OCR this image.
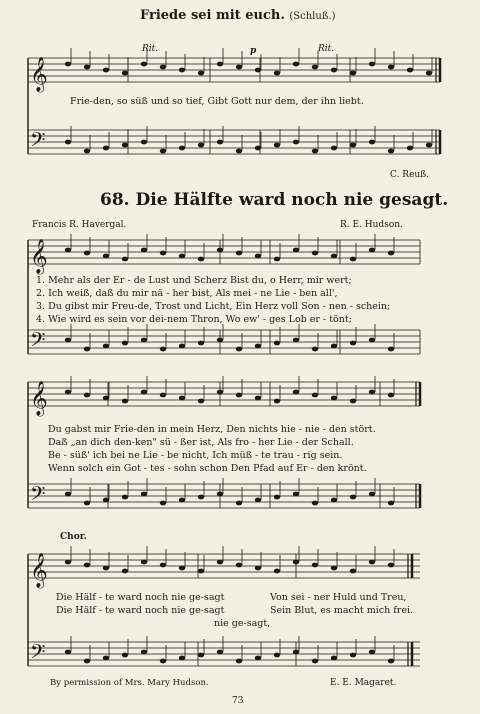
Friede sei mit euch. (Schluß.)
Rit.	p	Rit.
𝄞
𝄢
𝄞
𝄢
𝄞
𝄢
𝄞
𝄢
Frie-den, so süß und so tief, Gibt Gott nur dem, der ihn liebt.
C. Reuß.
68. Die Hälfte ward noch nie gesagt.
Francis R. Havergal.	R. E. Hudson.
1. Mehr als der Er - de Lust und Scherz Bist du, o Herr, mir wert;
2. Ich weiß, daß du mir nä - her bist, Als mei - ne Lie - ben all',
3. Du gibst mir Freu-de, Trost und Licht, Ein Herz voll Son - nen - schein;
4. Wie wird es sein vor dei-nem Thron, Wo ew' - ges Lob er - tönt;
Du gabst mir Frie-den in mein Herz, Den nichts hie - nie - den stört.
Daß „an dich den-ken" sü - ßer ist, Als fro - her Lie - der Schall.
Be - süß' ich bei ne Lie - be nicht, Ich müß - te trau - rig sein.
Wenn solch ein Got - tes - sohn schon Den Pfad auf Er - den krönt.
Chor.
Die Hälf - te ward noch nie ge-sagt
Die Hälf - te ward noch nie ge-sagt
Von sei - ner Huld und Treu,
Sein Blut, es macht mich frei.
nie ge-sagt,
By permission of Mrs. Mary Hudson.	E. E. Magaret.
73
